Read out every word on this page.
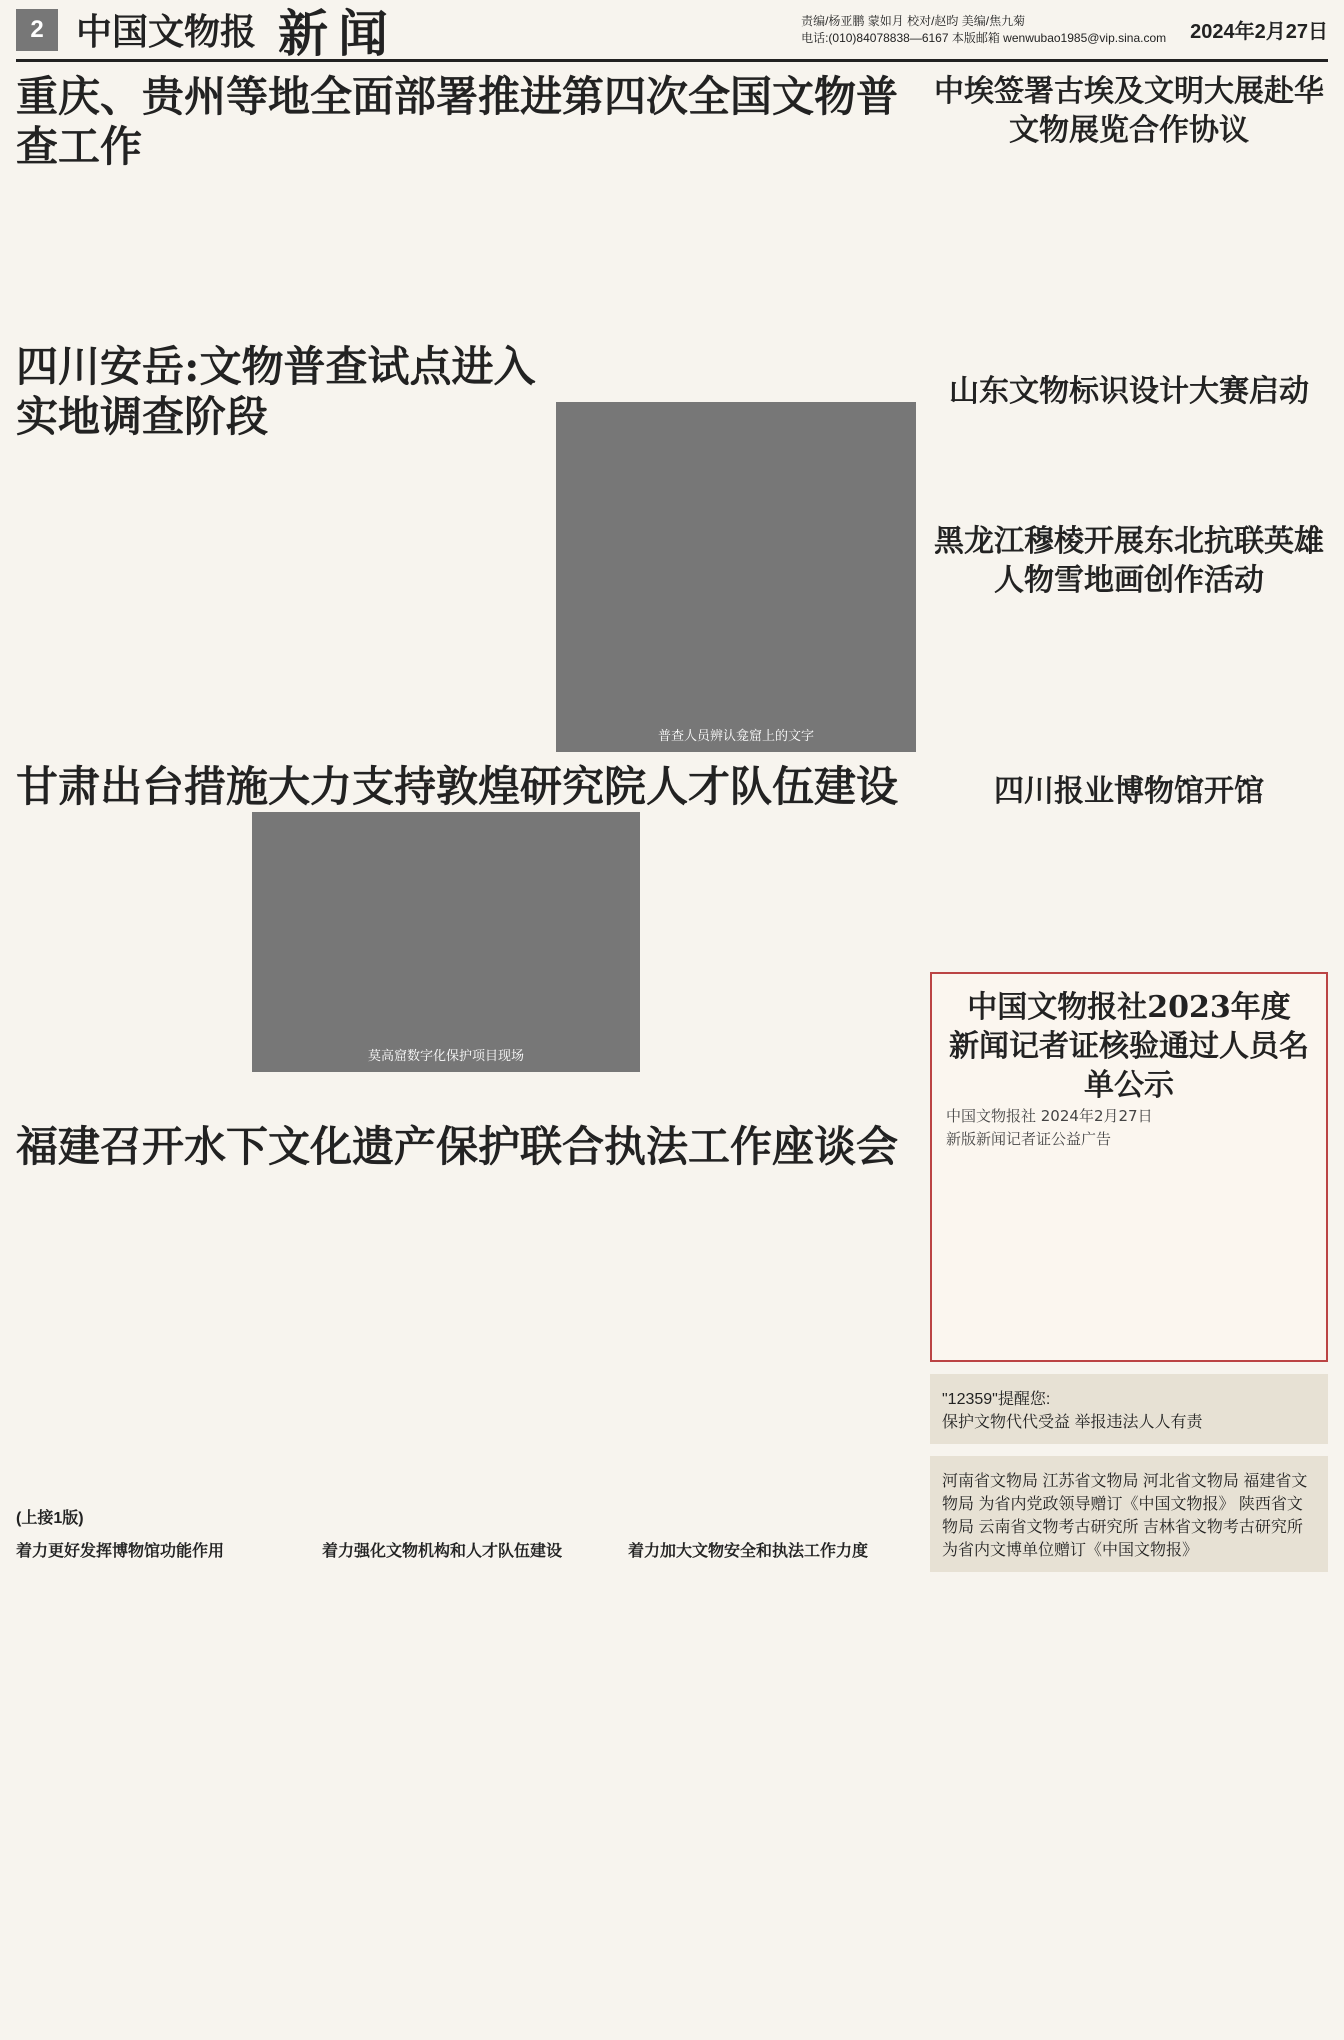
2 中国文物报 新闻	责编/杨亚鹏 蒙如月 校对/赵昀 美编/焦九菊
电话:(010)84078838—6167 本版邮箱 wenwubao1985@vip.sina.com 2024年2月27日
重庆、贵州等地全面部署推进第四次全国文物普查工作
四川安岳:文物普查试点进入实地调查阶段
普查人员辨认龛窟上的文字
甘肃出台措施大力支持敦煌研究院人才队伍建设
莫高窟数字化保护项目现场
福建召开水下文化遗产保护联合执法工作座谈会
中埃签署古埃及文明大展赴华文物展览合作协议
山东文物标识设计大赛启动
黑龙江穆棱开展东北抗联英雄人物雪地画创作活动
四川报业博物馆开馆
中国文物报社2023年度
新闻记者证核验通过人员名单公示
中国文物报社 2024年2月27日
新版新闻记者证公益广告
"12359"提醒您:
保护文物代代受益 举报违法人人有责
河南省文物局 江苏省文物局 河北省文物局 福建省文物局 为省内党政领导赠订《中国文物报》 陕西省文物局 云南省文物考古研究所 吉林省文物考古研究所 为省内文博单位赠订《中国文物报》
(上接1版)
着力更好发挥博物馆功能作用	着力强化文物机构和人才队伍建设	着力加大文物安全和执法工作力度
